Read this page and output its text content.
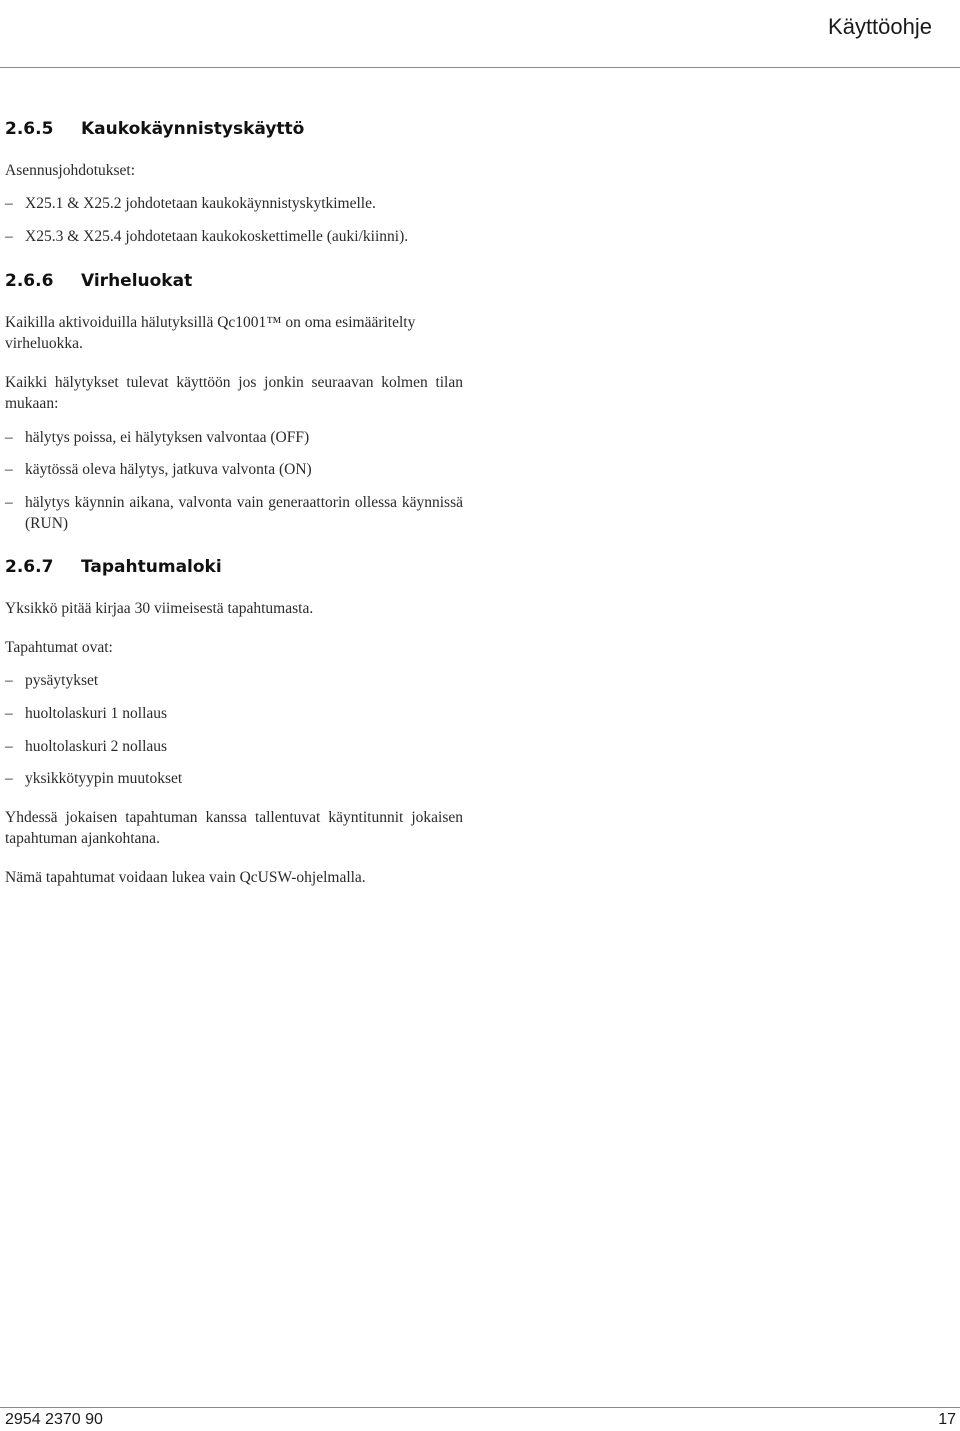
Käyttöohje
2.6.5 Kaukokäynnistyskäyttö
Asennusjohdotukset:
– X25.1 & X25.2 johdotetaan kaukokäynnistyskytkimelle.
– X25.3 & X25.4 johdotetaan kaukokoskettimelle (auki/kiinni).
2.6.6 Virheluokat
Kaikilla aktivoiduilla hälutyksillä Qc1001™ on oma esimääritelty virheluokka.
Kaikki hälytykset tulevat käyttöön jos jonkin seuraavan kolmen tilan mukaan:
– hälytys poissa, ei hälytyksen valvontaa (OFF)
– käytössä oleva hälytys, jatkuva valvonta (ON)
– hälytys käynnin aikana, valvonta vain generaattorin ollessa käynnissä (RUN)
2.6.7 Tapahtumaloki
Yksikkö pitää kirjaa 30 viimeisestä tapahtumasta.
Tapahtumat ovat:
– pysäytykset
– huoltolaskuri 1 nollaus
– huoltolaskuri 2 nollaus
– yksikkötyypin muutokset
Yhdessä jokaisen tapahtuman kanssa tallentuvat käyntitunnit jokaisen tapahtuman ajankohtana.
Nämä tapahtumat voidaan lukea vain QcUSW-ohjelmalla.
2954 2370 90	17
